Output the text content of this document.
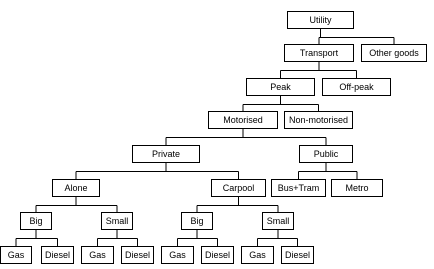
Utility
Transport	Other goods
Peak	Off-peak
Motorised	Non-motorised
Private	Public
Alone	Carpool	Bus+Tram	Metro
Big	Small	Big	Small
Gas	Diesel	Gas	Diesel	Gas	Diesel	Gas	Diesel
